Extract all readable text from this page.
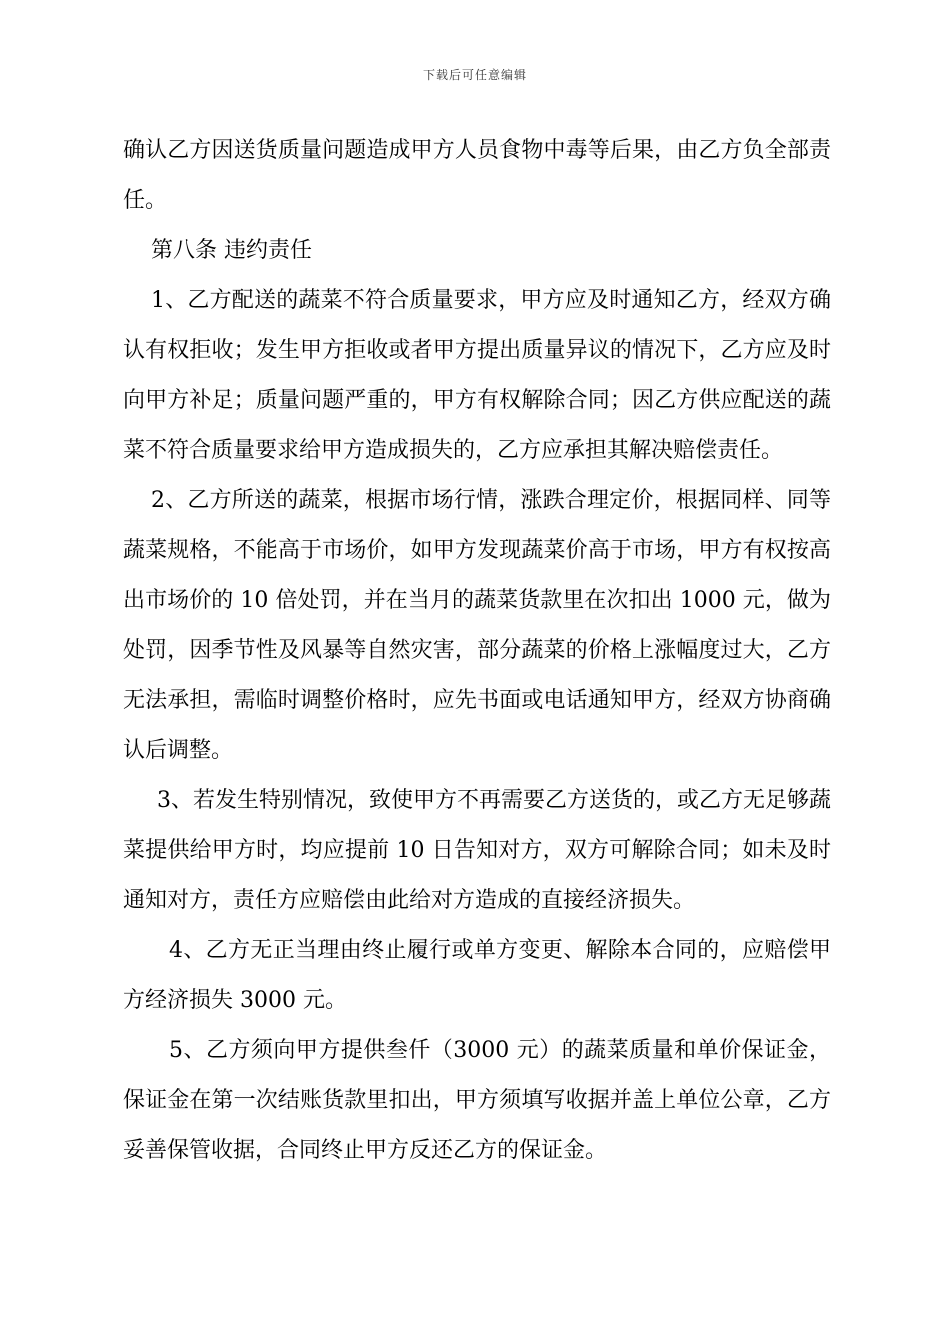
下载后可任意编辑

确认乙方因送货质量问题造成甲方人员食物中毒等后果，由乙方负全部责任。

第八条 违约责任

1、乙方配送的蔬菜不符合质量要求，甲方应及时通知乙方，经双方确认有权拒收；发生甲方拒收或者甲方提出质量异议的情况下，乙方应及时向甲方补足；质量问题严重的，甲方有权解除合同；因乙方供应配送的蔬菜不符合质量要求给甲方造成损失的，乙方应承担其解决赔偿责任。

2、乙方所送的蔬菜，根据市场行情，涨跌合理定价，根据同样、同等蔬菜规格，不能高于市场价，如甲方发现蔬菜价高于市场，甲方有权按高出市场价的 10 倍处罚，并在当月的蔬菜货款里在次扣出 1000 元，做为处罚，因季节性及风暴等自然灾害，部分蔬菜的价格上涨幅度过大，乙方无法承担，需临时调整价格时，应先书面或电话通知甲方，经双方协商确认后调整。

3、若发生特别情况，致使甲方不再需要乙方送货的，或乙方无足够蔬菜提供给甲方时，均应提前 10 日告知对方，双方可解除合同；如未及时通知对方，责任方应赔偿由此给对方造成的直接经济损失。

4、乙方无正当理由终止履行或单方变更、解除本合同的，应赔偿甲方经济损失 3000 元。

5、乙方须向甲方提供叁仟（3000 元）的蔬菜质量和单价保证金，保证金在第一次结账货款里扣出，甲方须填写收据并盖上单位公章，乙方妥善保管收据，合同终止甲方反还乙方的保证金。
